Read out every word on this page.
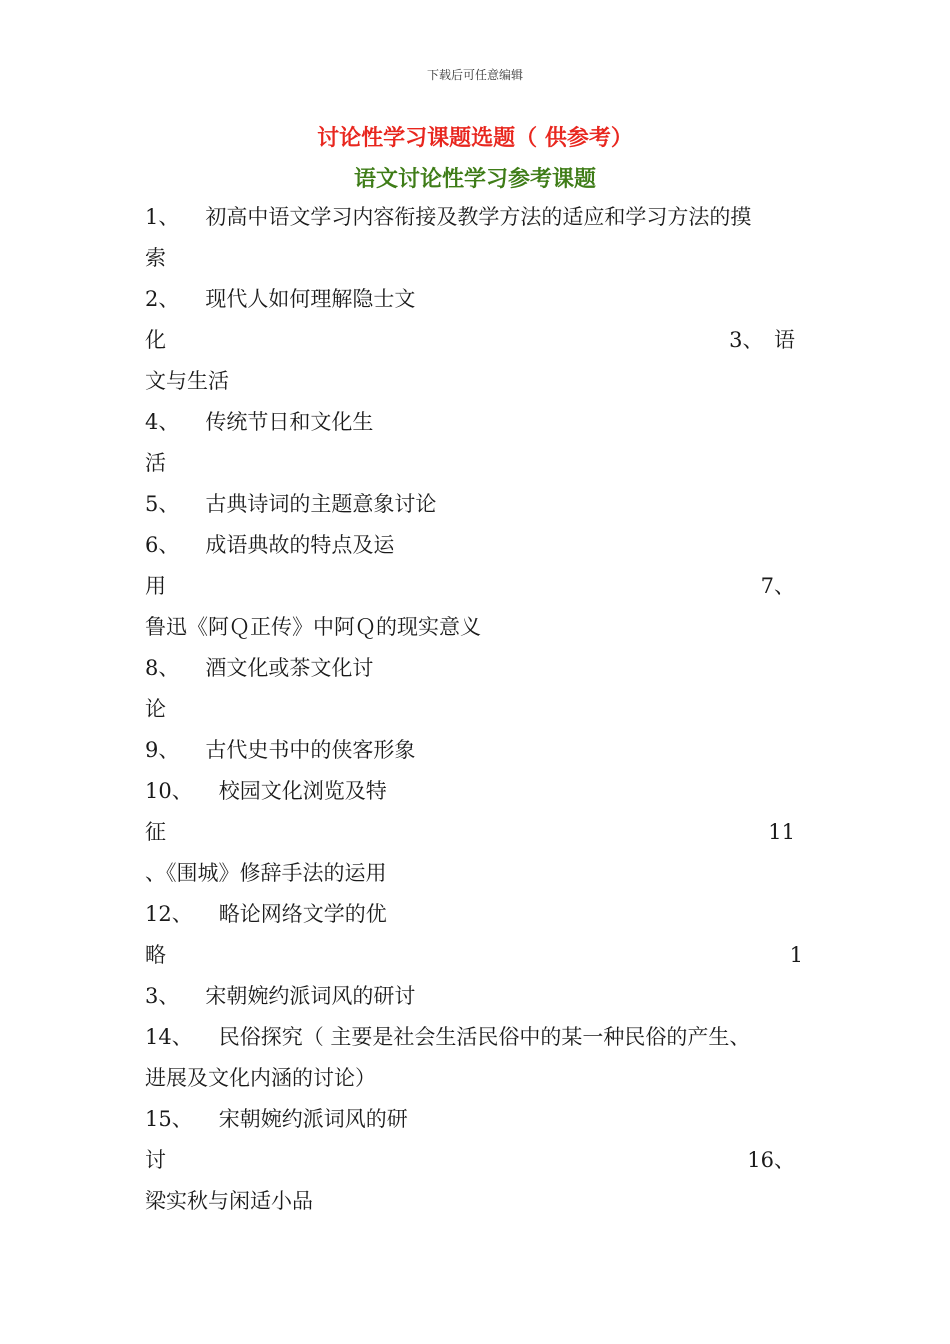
下载后可任意编辑
讨论性学习课题选题（ 供参考）
语文讨论性学习参考课题
1、 初高中语文学习内容衔接及教学方法的适应和学习方法的摸
索
2、 现代人如何理解隐士文
化	3、　语
文与生活
4、 传统节日和文化生
活
5、 古典诗词的主题意象讨论
6、 成语典故的特点及运
用	7、
鲁迅《阿Ｑ正传》中阿Ｑ的现实意义
8、 酒文化或茶文化讨
论
9、 古代史书中的侠客形象
10、 校园文化浏览及特
征	11
、《围城》修辞手法的运用
12、 略论网络文学的优
略	1
3、 宋朝婉约派词风的研讨
14、 民俗探究（ 主要是社会生活民俗中的某一种民俗的产生、
进展及文化内涵的讨论）
15、 宋朝婉约派词风的研
讨	16、
梁实秋与闲适小品
